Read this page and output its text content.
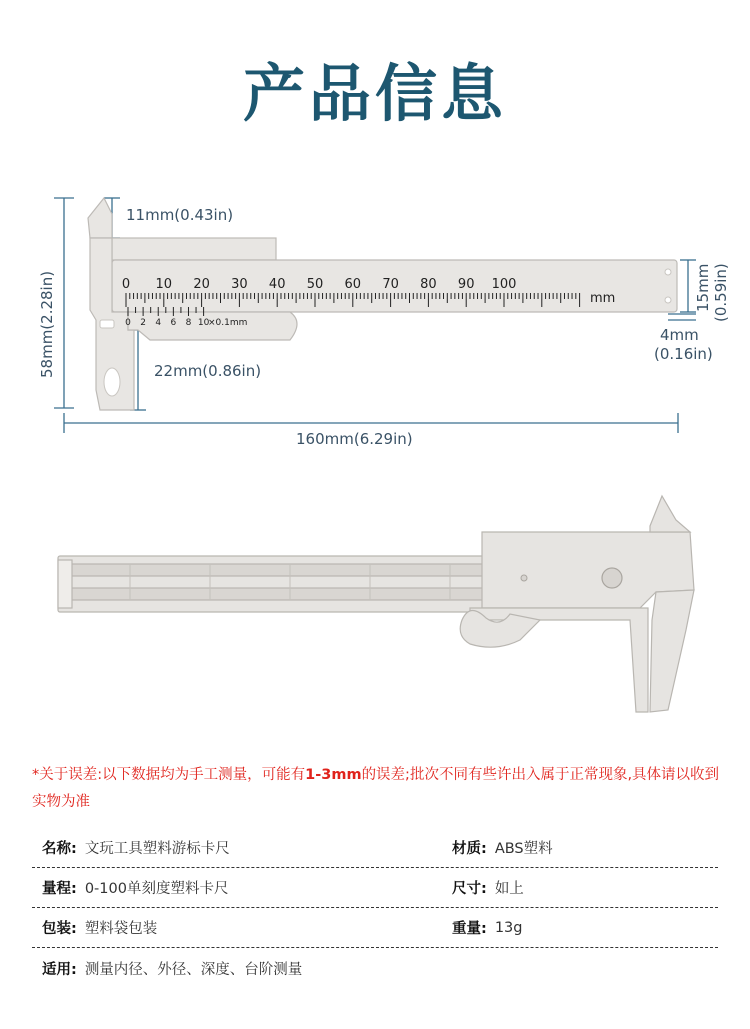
产品信息
0 10 20 30 40 50 60 70 80 90 100
mm
0 2 4 6 8 10
×0.1mm
11mm(0.43in)
58mm(2.28in)	15mm (0.59in)
4mm
(0.16in)
22mm(0.86in)
160mm(6.29in)
*关于误差:以下数据均为手工测量，可能有1-3mm的误差;批次不同有些许出入属于正常现象,具体请以收到实物为准
名称: 文玩工具塑料游标卡尺	材质: ABS塑料
量程: 0-100单刻度塑料卡尺	尺寸: 如上
包装: 塑料袋包装	重量: 13g
适用: 测量内径、外径、深度、台阶测量
